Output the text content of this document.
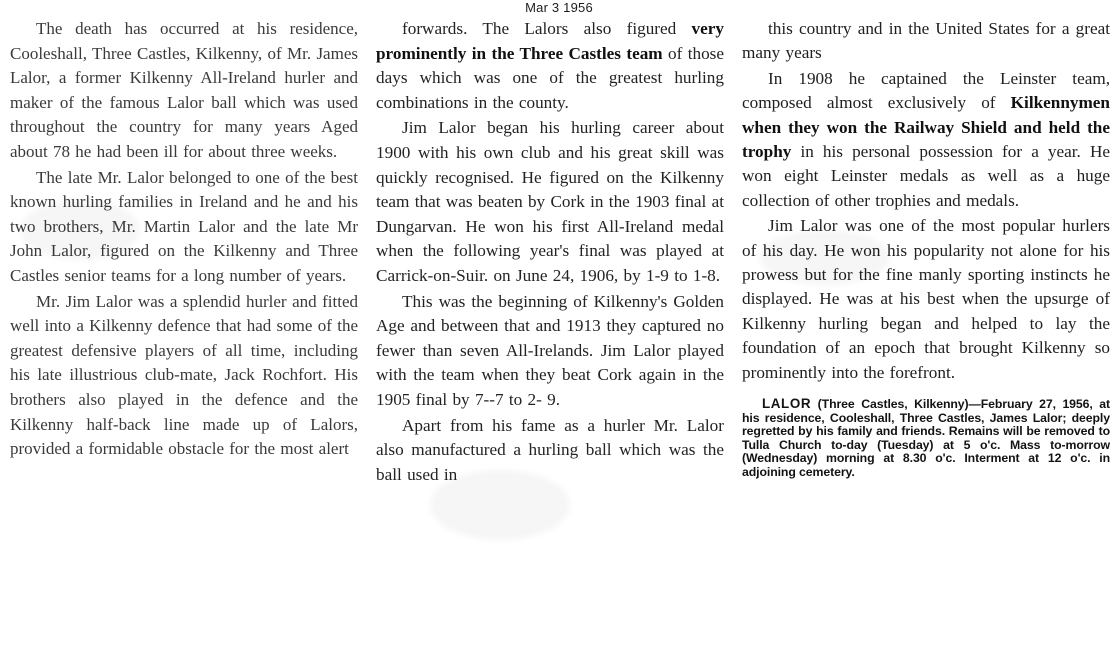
Mar 3 1956

The death has occurred at his residence, Cooleshall, Three Castles, Kilkenny, of Mr. James Lalor, a former Kilkenny All-Ireland hurler and maker of the famous Lalor ball which was used throughout the country for many years Aged about 78 he had been ill for about three weeks.

The late Mr. Lalor belonged to one of the best known hurling families in Ireland and he and his two brothers, Mr. Martin Lalor and the late Mr John Lalor, figured on the Kilkenny and Three Castles senior teams for a long number of years.

Mr. Jim Lalor was a splendid hurler and fitted well into a Kilkenny defence that had some of the greatest defensive players of all time, including his late illustrious club-mate, Jack Rochfort. His brothers also played in the defence and the Kilkenny half-back line made up of Lalors, provided a formidable obstacle for the most alert

forwards. The Lalors also figured very prominently in the Three Castles team of those days which was one of the greatest hurling combinations in the county.

Jim Lalor began his hurling career about 1900 with his own club and his great skill was quickly recognised. He figured on the Kilkenny team that was beaten by Cork in the 1903 final at Dungarvan. He won his first All-Ireland medal when the following year's final was played at Carrick-on-Suir. on June 24, 1906, by 1-9 to 1-8.

This was the beginning of Kilkenny's Golden Age and between that and 1913 they captured no fewer than seven All-Irelands. Jim Lalor played with the team when they beat Cork again in the 1905 final by 7--7 to 2- 9.

Apart from his fame as a hurler Mr. Lalor also manufactured a hurling ball which was the ball used in

this country and in the United States for a great many years

In 1908 he captained the Leinster team, composed almost exclusively of Kilkennymen when they won the Railway Shield and held the trophy in his personal possession for a year. He won eight Leinster medals as well as a huge collection of other trophies and medals.

Jim Lalor was one of the most popular hurlers of his day. He won his popularity not alone for his prowess but for the fine manly sporting instincts he displayed. He was at his best when the upsurge of Kilkenny hurling began and helped to lay the foundation of an epoch that brought Kilkenny so prominently into the forefront.

LALOR (Three Castles, Kilkenny)—February 27, 1956, at his residence, Cooleshall, Three Castles, James Lalor; deeply regretted by his family and friends. Remains will be removed to Tulla Church to-day (Tuesday) at 5 o'c. Mass to-morrow (Wednesday) morning at 8.30 o'c. Interment at 12 o'c. in adjoining cemetery.
